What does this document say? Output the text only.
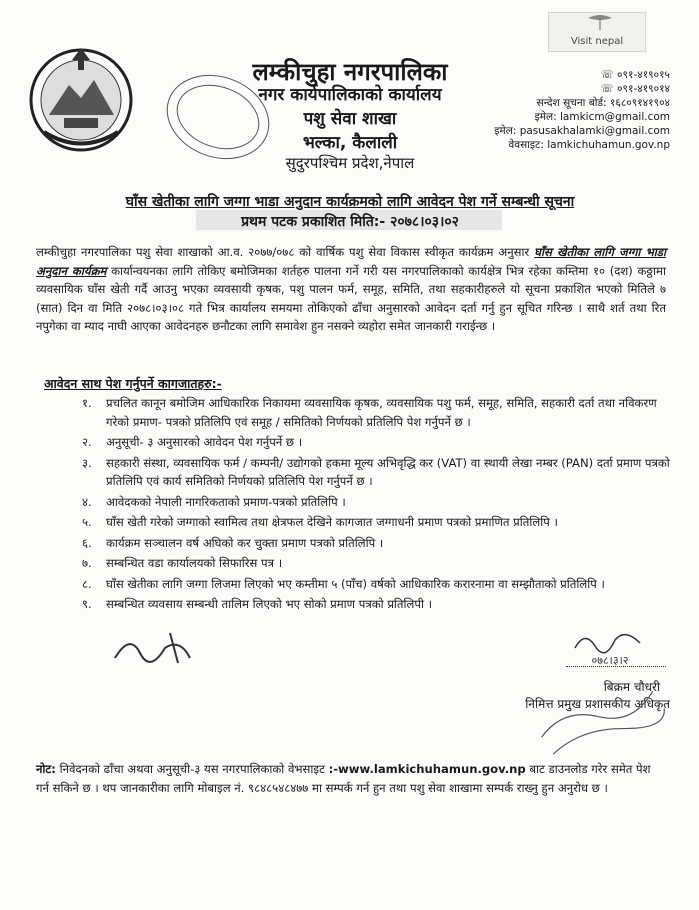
लम्कीचुहा नगरपालिका
नगर कार्यपालिकाको कार्यालय
पशु सेवा शाखा
भल्का, कैलाली
सुदुरपश्चिम प्रदेश,नेपाल
Visit nepal
☏ ०९१-४१९०१५
☏ ०९१-४१९०१४
सन्देश सूचना बोर्ड: १६८०९१४१९०४
इमेल: lamkicm@gmail.com
इमेल: pasusakhalamki@gmail.com
वेवसाइट: lamkichuhamun.gov.np
घाँस खेतीका लागि जग्गा भाडा अनुदान कार्यक्रमको लागि आवेदन पेश गर्ने सम्बन्धी सूचना
प्रथम पटक प्रकाशित मिति:- २०७८।०३।०२
लम्कीचुहा नगरपालिका पशु सेवा शाखाको आ.व. २०७७/०७८ को वार्षिक पशु सेवा विकास स्वीकृत कार्यक्रम अनुसार घाँस खेतीका लागि जग्गा भाडा अनुदान कार्यक्रम कार्यान्वयनका लागि तोकिए बमोजिमका शर्तहरु पालना गर्ने गरी यस नगरपालिकाको कार्यक्षेत्र भित्र रहेका कम्तिमा १० (दश) कठ्ठामा व्यवसायिक घाँस खेती गर्दै आउनु भएका व्यवसायी कृषक, पशु पालन फर्म, समूह, समिति, तथा सहकारीहरुले यो सूचना प्रकाशित भएको मितिले ७ (सात) दिन वा मिति २०७८।०३।०८ गते भित्र कार्यालय समयमा तोकिएको ढाँचा अनुसारको आवेदन दर्ता गर्नु हुन सूचित गरिन्छ । साथै शर्त तथा रित नपुगेका वा म्याद नाघी आएका आवेदनहरु छनौटका लागि समावेश हुन नसक्ने व्यहोरा समेत जानकारी गराईन्छ ।
आवेदन साथ पेश गर्नुपर्ने कागजातहरु:-
१. प्रचलित कानून बमोजिम आधिकारिक निकायमा व्यवसायिक कृषक, व्यवसायिक पशु फर्म, समूह, समिति, सहकारी दर्ता तथा नविकरण गरेको प्रमाण- पत्रको प्रतिलिपि एवं समूह / समितिको निर्णयको प्रतिलिपि पेश गर्नुपर्ने छ ।
२. अनुसूची- ३ अनुसारको आवेदन पेश गर्नुपर्ने छ ।
३. सहकारी संस्था, व्यवसायिक फर्म / कम्पनी/ उद्योगको हकमा मूल्य अभिवृद्धि कर (VAT) वा स्थायी लेखा नम्बर (PAN) दर्ता प्रमाण पत्रको प्रतिलिपि एवं कार्य समितिको निर्णयको प्रतिलिपि पेश गर्नुपर्ने छ ।
४. आवेदकको नेपाली नागरिकताको प्रमाण-पत्रको प्रतिलिपि ।
५. घाँस खेती गरेको जग्गाको स्वामित्व तथा क्षेत्रफल देखिने कागजात जग्गाधनी प्रमाण पत्रको प्रमाणित प्रतिलिपि ।
६. कार्यक्रम सञ्चालन वर्ष अघिको कर चुक्ता प्रमाण पत्रको प्रतिलिपि ।
७. सम्बन्धित वडा कार्यालयको सिफारिस पत्र ।
८. घाँस खेतीका लागि जग्गा लिजमा लिएको भए कम्तीमा ५ (पाँच) वर्षको आधिकारिक करारनामा वा सम्झौताको प्रतिलिपि ।
९. सम्बन्धित व्यवसाय सम्बन्धी तालिम लिएको भए सोको प्रमाण पत्रको प्रतिलिपी ।
०७८।३।२
बिक्रम चौधरी
निमित्त प्रमुख प्रशासकीय अधिकृत
नोट: निवेदनको ढाँचा अथवा अनुसूची-३ यस नगरपालिकाको वेभसाइट :-www.lamkichuhamun.gov.np बाट डाउनलोड गरेर समेत पेश गर्न सकिने छ । थप जानकारीका लागि मोबाइल नं. ९८४८५४८४७७ मा सम्पर्क गर्न हुन तथा पशु सेवा शाखामा सम्पर्क राख्नु हुन अनुरोध छ ।
